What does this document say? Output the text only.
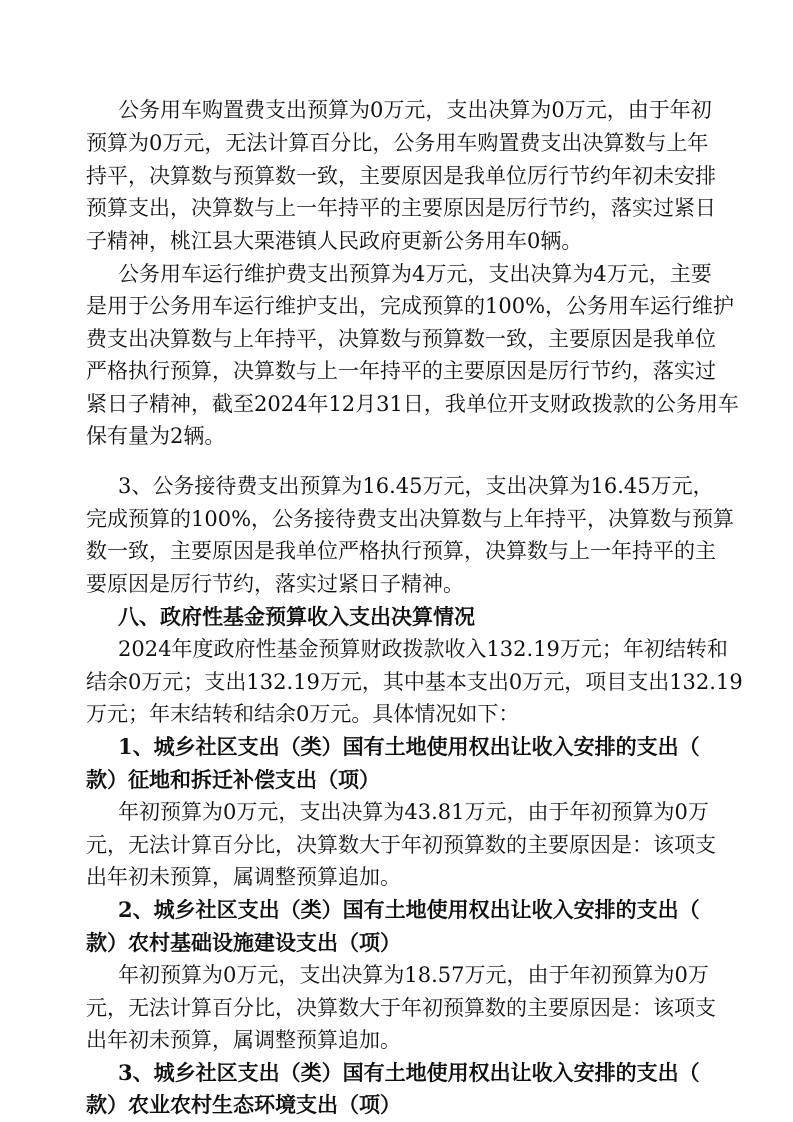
公务用车购置费支出预算为0万元，支出决算为0万元，由于年初
预算为0万元，无法计算百分比，公务用车购置费支出决算数与上年
持平，决算数与预算数一致，主要原因是我单位厉行节约年初未安排
预算支出，决算数与上一年持平的主要原因是厉行节约，落实过紧日
子精神，桃江县大栗港镇人民政府更新公务用车0辆。
公务用车运行维护费支出预算为4万元，支出决算为4万元，主要
是用于公务用车运行维护支出，完成预算的100%，公务用车运行维护
费支出决算数与上年持平，决算数与预算数一致，主要原因是我单位
严格执行预算，决算数与上一年持平的主要原因是厉行节约，落实过
紧日子精神，截至2024年12月31日，我单位开支财政拨款的公务用车
保有量为2辆。
3、公务接待费支出预算为16.45万元，支出决算为16.45万元，
完成预算的100%，公务接待费支出决算数与上年持平，决算数与预算
数一致，主要原因是我单位严格执行预算，决算数与上一年持平的主
要原因是厉行节约，落实过紧日子精神。
八、政府性基金预算收入支出决算情况
2024年度政府性基金预算财政拨款收入132.19万元；年初结转和
结余0万元；支出132.19万元，其中基本支出0万元，项目支出132.19
万元；年末结转和结余0万元。具体情况如下：
1、城乡社区支出（类）国有土地使用权出让收入安排的支出（
款）征地和拆迁补偿支出（项）
年初预算为0万元，支出决算为43.81万元，由于年初预算为0万
元，无法计算百分比，决算数大于年初预算数的主要原因是：该项支
出年初未预算，属调整预算追加。
2、城乡社区支出（类）国有土地使用权出让收入安排的支出（
款）农村基础设施建设支出（项）
年初预算为0万元，支出决算为18.57万元，由于年初预算为0万
元，无法计算百分比，决算数大于年初预算数的主要原因是：该项支
出年初未预算，属调整预算追加。
3、城乡社区支出（类）国有土地使用权出让收入安排的支出（
款）农业农村生态环境支出（项）
